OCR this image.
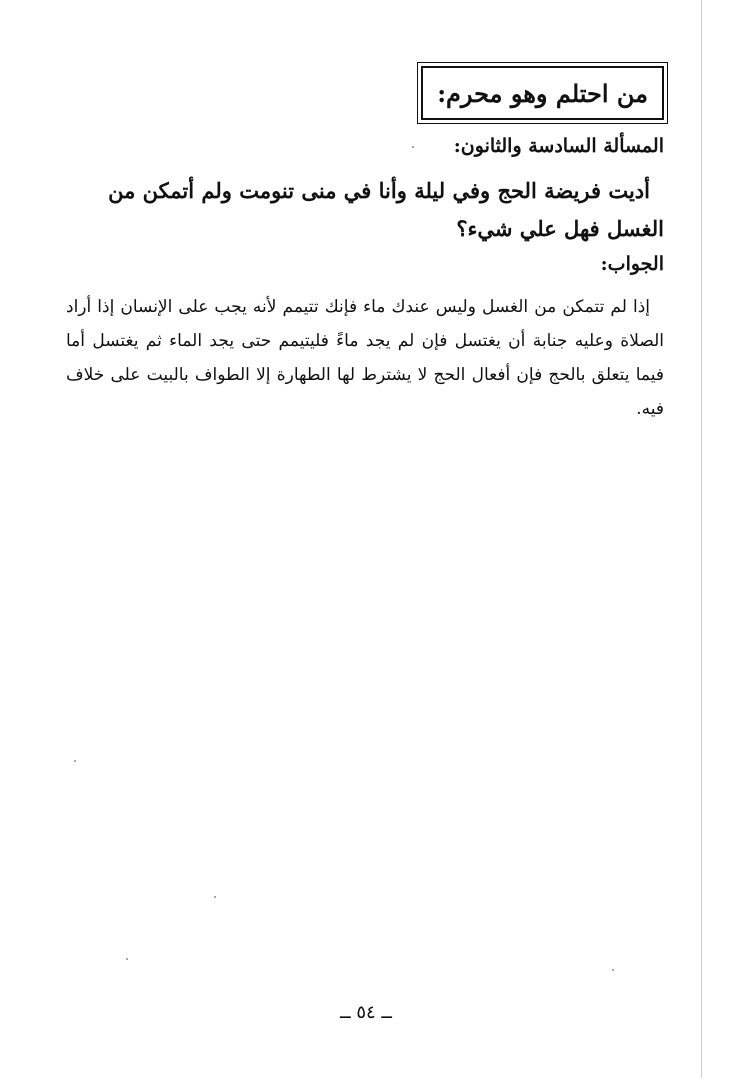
من احتلم وهو محرم:
المسألة السادسة والثانون:
أديت فريضة الحج وفي ليلة وأنا في منى تنومت ولم أتمكن من الغسل فهل علي شيء؟
الجواب:
إذا لم تتمكن من الغسل وليس عندك ماء فإنك تتيمم لأنه يجب على الإنسان إذا أراد الصلاة وعليه جنابة أن يغتسل فإن لم يجد ماءً فليتيمم حتى يجد الماء ثم يغتسل أما فيما يتعلق بالحج فإن أفعال الحج لا يشترط لها الطهارة إلا الطواف بالبيت على خلاف فيه.
ــ ٥٤ ــ
